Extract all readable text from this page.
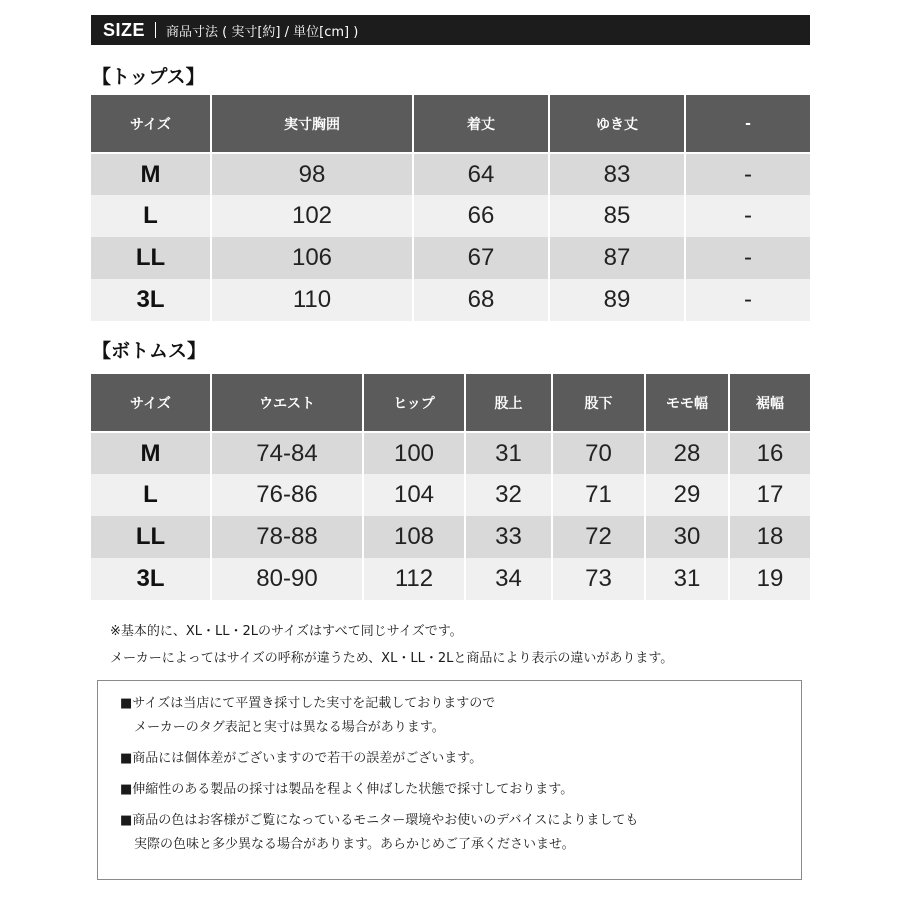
SIZE 商品寸法 ( 実寸[約] / 単位[cm] )
【トップス】
サイズ	実寸胸囲	着丈	ゆき丈	-
M	98	64	83	-
L	102	66	85	-
LL	106	67	87	-
3L	110	68	89	-
【ボトムス】
サイズ	ウエスト	ヒップ	股上	股下	モモ幅	裾幅
M	74-84	100	31	70	28	16
L	76-86	104	32	71	29	17
LL	78-88	108	33	72	30	18
3L	80-90	112	34	73	31	19
※基本的に、XL・LL・2Lのサイズはすべて同じサイズです。
メーカーによってはサイズの呼称が違うため、XL・LL・2Lと商品により表示の違いがあります。
■サイズは当店にて平置き採寸した実寸を記載しておりますので
メーカーのタグ表記と実寸は異なる場合があります。
■商品には個体差がございますので若干の誤差がございます。
■伸縮性のある製品の採寸は製品を程よく伸ばした状態で採寸しております。
■商品の色はお客様がご覧になっているモニター環境やお使いのデバイスによりましても
実際の色味と多少異なる場合があります。あらかじめご了承くださいませ。
